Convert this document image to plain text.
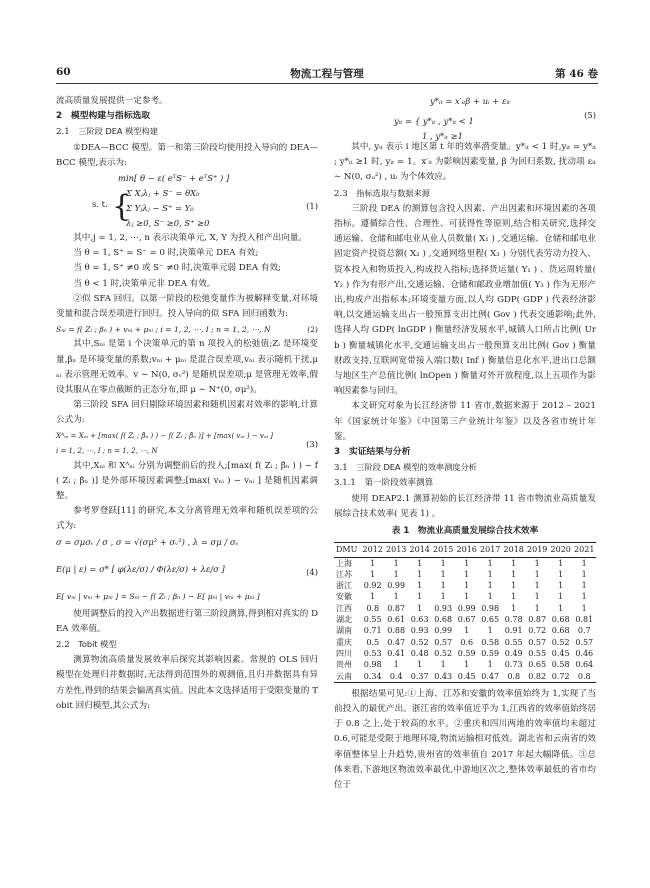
60	物流工程与管理	第 46 卷

流高质量发展提供一定参考。

2　模型构建与指标选取

2.1　 三阶段 DEA 模型构建

①DEA—BCC 模型。第一和第三阶段均使用投入导向的 DEA—BCC 模型,表示为:

min[ θ − ε( eᵀS⁻ + eᵀS⁺ ) ]
s. t. {
Σ Xⱼλⱼ + S⁻ = θX₀
Σ Yⱼλⱼ − S⁺ = Y₀
λⱼ ≥0, S⁻ ≥0, S⁺ ≥0
(1)

其中,j = 1, 2, ⋯, n 表示决策单元, X, Y 为投入和产出向量。

当 θ = 1, S⁺ = S⁻ = 0 时,决策单元 DEA 有效;

当 θ = 1, S⁺ ≠0 或 S⁻ ≠0 时,决策单元弱 DEA 有效;

当 θ < 1 时,决策单元非 DEA 有效。

②似 SFA 回归。以第一阶段的松弛变量作为被解释变量,对环境变量和混合误差项进行回归。投入导向的似 SFA 回归函数为:

Sₙᵢ = f( Zᵢ ; βₙ ) + vₙᵢ + μₙᵢ ; i = 1, 2, ⋯, I ; n = 1, 2, ⋯, N	(2)

其中,Sₙᵢ 是第 i 个决策单元的第 n 项投入的松弛值;Zᵢ 是环境变量,βₙ 是环境变量的系数;vₙᵢ + μₙᵢ 是混合误差项,vₙᵢ 表示随机干扰,μₙᵢ 表示管理无效率。v ∼ N(0, σᵥ²) 是随机误差项;μ 是管理无效率,假设其服从在零点截断的正态分布,即 μ ∼ N⁺(0, σμ²)。

第三阶段 SFA 回归剔除环境因素和随机因素对效率的影响,计算公式为:

Xᴬₙᵢ = Xₙᵢ + [max( f( Zᵢ ; β̂ₙ ) ) − f( Zᵢ ; β̂ₙ )] + [max( vₙᵢ ) − vₙᵢ ]
i = 1, 2, ⋯, I ; n = 1, 2, ⋯, N
(3)

其中,Xₙᵢ 和 Xᴬₙᵢ 分别为调整前后的投入;[max( f( Zᵢ ; β̂ₙ ) ) − f( Zᵢ ; β̂ₙ )] 是外部环境因素调整;[max( vₙᵢ ) − vₙᵢ ] 是随机因素调整。

参考罗登跃[11] 的研究,本文分离管理无效率和随机误差项的公式为:

σ = σμσᵥ / σ , σ = √(σμ² + σᵥ²) , λ = σμ / σᵥ
E(μ | ε) = σ* [ φ(λε/σ) / Φ(λε/σ) + λε/σ ]
E[ vₙᵢ | vₙᵢ + μₙᵢ ] = Sₙᵢ − f( Zᵢ ; βₙ ) − E[ μₙᵢ | vₙᵢ + μₙᵢ ]
(4)

使用调整后的投入产出数据进行第三阶段测算,得到相对真实的 DEA 效率值。

2.2　 Tobit 模型

测算物流高质量发展效率后探究其影响因素。常规的 OLS 回归模型在处理归并数据时,无法得到范围外的观测值,且归并数据具有异方差性,得到的结果会偏离真实值。因此本文选择适用于受限变量的 Tobit 回归模型,其公式为:

y*ᵢₜ = x′ᵢₜβ + uᵢ + εᵢₜ
yᵢₜ = { y*ᵢₜ , y*ᵢₜ < 1
1 , y*ᵢₜ ≥1
(5)

其中, yᵢₜ 表示 i 地区第 t 年的效率潜变量。y*ᵢₜ < 1 时,yᵢₜ = y*ᵢₜ ; y*ᵢₜ ≥1 时, yᵢₜ = 1。x′ᵢₜ 为影响因素变量, β 为回归系数, 扰动项 εᵢₜ ∼ N(0, σᵤ²) , uᵢ 为个体效应。

2.3　 指标选取与数据来源

三阶段 DEA 的测算包含投入因素、产出因素和环境因素的各项指标。遵循综合性、合理性、可获得性等原则,结合相关研究,选择交通运输、仓储和邮电业从业人员数量( X₁ ) ,交通运输、仓储和邮电业固定资产投资总额( X₂ ) ,交通网络里程( X₃ ) 分别代表劳动力投入、资本投入和物质投入,构成投入指标;选择货运量( Y₁ ) 、货运周转量( Y₂ ) 作为有形产出,交通运输、仓储和邮政业增加值( Y₃ ) 作为无形产出,构成产出指标本;环境变量方面,以人均 GDP( GDP ) 代表经济影响,以交通运输支出占一般预算支出比例( Gov ) 代表交通影响;此外,选择人均 GDP( lnGDP ) 衡量经济发展水平,城镇人口所占比例( Urb ) 衡量城镇化水平,交通运输支出占一般预算支出比例( Gov ) 衡量财政支持,互联网宽带接入端口数( Inf ) 衡量信息化水平,进出口总额与地区生产总值比例( lnOpen ) 衡量对外开放程度,以上五项作为影响因素参与回归。

本文研究对象为长江经济带 11 省市,数据来源于 2012 – 2021 年《国家统计年鉴》《中国第三产业统计年鉴》以及各省市统计年鉴。

3　实证结果与分析

3.1　 三阶段 DEA 模型的效率测度分析

3.1.1　第一阶段效率测算

使用 DEAP2.1 测算初始的长江经济带 11 省市物流业高质量发展综合技术效率( 见表 1) 。

表 1　物流业高质量发展综合技术效率
DMU	2012	2013	2014	2015	2016	2017	2018	2019	2020	2021
上海	1	1	1	1	1	1	1	1	1	1
江苏	1	1	1	1	1	1	1	1	1	1
浙江	0.92	0.99	1	1	1	1	1	1	1	1
安徽	1	1	1	1	1	1	1	1	1	1
江西	0.8	0.87	1	0.93	0.99	0.98	1	1	1	1
湖北	0.55	0.61	0.63	0.68	0.67	0.65	0.78	0.87	0.68	0.81
湖南	0.71	0.88	0.93	0.99	1	1	0.91	0.72	0.68	0.7
重庆	0.5	0.47	0.52	0.57	0.6	0.58	0.55	0.57	0.52	0.57
四川	0.53	0.41	0.48	0.52	0.59	0.59	0.49	0.55	0.45	0.46
贵州	0.98	1	1	1	1	1	0.73	0.65	0.58	0.64
云南	0.34	0.4	0.37	0.43	0.45	0.47	0.8	0.82	0.72	0.8

根据结果可见:①上海、江苏和安徽的效率值始终为 1,实现了当前投入的最优产出。浙江省的效率值近乎为 1,江西省的效率值始终居于 0.8 之上,处于较高的水平。②重庆和四川两地的效率值均未超过 0.6,可能是受限于地理环境,物流运输相对低效。湖北省和云南省的效率值整体呈上升趋势,贵州省的效率值自 2017 年起大幅降低。③总体来看,下游地区物流效率最优,中游地区次之,整体效率最低的省市均位于
